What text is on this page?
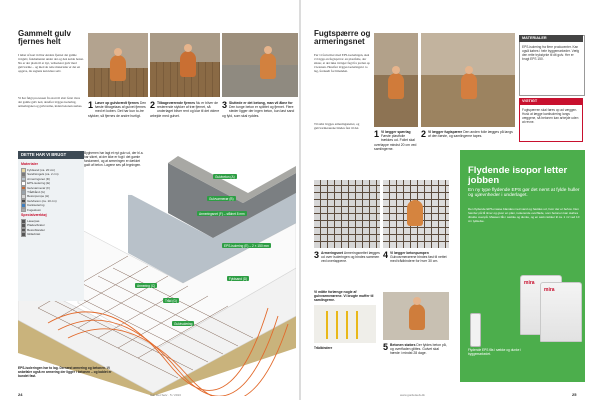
Gammelt gulv fjernes helt
I løbet af kort tid har Anders fjernet det gamle trægulv, fundamentet under det og den kolde beton. Nu er der plads til et nyt, velisoleret gulv med gulvvarme – og med de rette materialer er det en opgave, du sagtens kan klare selv.
Vi har fulgt processen fra start til slut: først rives det gamle gulv ned, derefter lægges isolering, armeringsnet og gulvvarme, inden betonen støbes. 1 Løser op gulvbrædt fjernes Den første tilbagelaas af gulvet fjernes med et koben. Det har kun to-tre stykker, så fjernes de andre hurtigt.
2 Tilbageværende fjernes Nu er bliver de resterende stykker af træ fjernet, så underlaget bliver rent og klar til det videre arbejde med gulvet.
3 Sluttede er det betong, man vil åbne for Den tunge beton er splittet og fjernet. Flere steder ligger der ingen beton, kun løst sand og fyld, som skal ryddes.
Gulvbeton (A)
Gulvvarmerør (B)
Armeringsnet (F) – stålnet 8 mm
EPS-isolering (E) – 2 × 150 mm
Fyldsand (D)
Armering (C)
Tråd (G)
Gulvisolering
Bygherren har lagt et nyt gulv ud, der bl.a. har sikret, at der ikke er fugt i det gamle fundament, og at armeringen er dækket godt af beton. Lagene ses på tegningen.
DETTE HAR VI BRUGT
Materialer
Fyldsand (ca. 20 cm)
Sand/singels (ca. 2 cm)
Armeringsnet (D)
EPS-isolering (E)
Gulvvarmerør (F)
Trådbånd (G)
Betonpumpe (H)
Gulvbeton (ca. 10 cm)
Kantisolering
Fugeskum
Specialværktøj
Laserpas
Pladevibrator
Betonblander
Glittebræt
EPS-isoleringen har to lag. Dernæst armering og betonen. Vi anbefaler også en armering der ligger i betonen – og kablet er bundet fast.
24	Gør Det Selv · 5 / 2013
Fugtspærre og armeringsnet
Før vi fortsætter med EPS-isoleringen, skal vi lægge en fugtspærre: en plastfolie, der sikrer, at der ikke trænger fugt fra jorden op i betonen. Herefter lægges isoleringen i to lag, forskudt for hinanden.
Til sidst lægges armeringsnettet, og gulvvarmerørene bindes fast til det.
1 Vi lægger spærlag Første plastfolie trækkes ud. Foliet skal overlappe mindst 20 cm ved samlingerne.
2 Vi lægger fugtspærre Den anden folie lægges på langs af den første, og samlingerne tapes.
3 Armeringsnet Armeringsnettet lægges ud over isoleringen og bindes sammen ved overlappene.
4 Vi lægger betonpumpen Gulvvarmerørene bindes fast til nettet med trådbindere for hver 30 cm.
Vi måtte forlænge nogle af gulvvarmerørene. Vi brugte muffer til samlingerne.
5 Betonen støbes Der fyldes beton på, og overfladen glittes. Gulvet skal hærde i mindst 28 dage.
Trådbindere
MATERIALER
EPS-isolering fra flere producenter. Kan også købes i hele byggemarkeder. Vælg den rette trykstyrke til dit gulv. Her er brugt EPS 150.
VIGTIGT
Fugtspærren skal føres op ad væggen. Husk at lægge kantisolering langs væggene, så betonen kan arbejde uden at revne.
Flydende isopor letter jobben
En ny type flydende EPS gør det nemt at fylde huller og ujævnheder i underlaget.
Den flydende EPS-masse blandes med vand og hældes ud, hvor der er behov. Den hærder på få timer og giver en plan, isolerende overflade, som betonen kan støbes direkte ovenpå. Massen fås i sække og dunke, og en sæk rækker til ca. 1 m² ved 10 cm tykkelse.
mira
mira
Flydende EPS fås i sække og dunke i byggemarkedet.
www.gordetselv.dk	25
